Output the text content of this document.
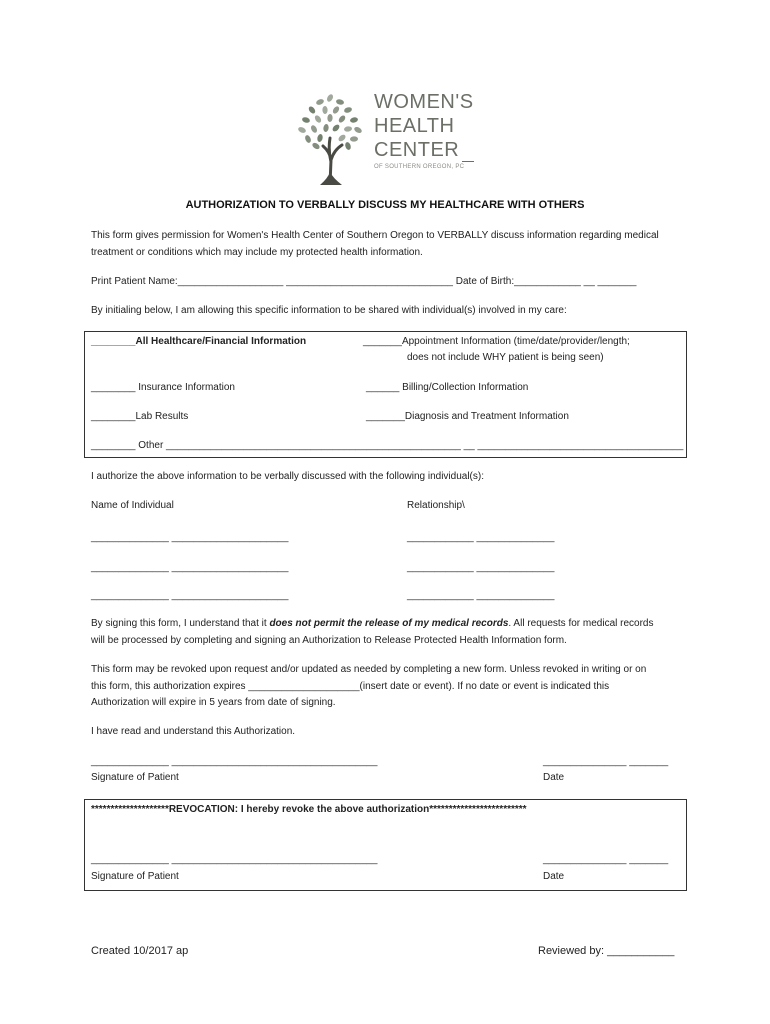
WOMEN'S
HEALTH
CENTER
OF SOUTHERN OREGON, PC
AUTHORIZATION TO VERBALLY DISCUSS MY HEALTHCARE WITH OTHERS
This form gives permission for Women's Health Center of Southern Oregon to VERBALLY discuss information regarding medical
treatment or conditions which may include my protected health information.
Print Patient Name:___________________ ______________________________ Date of Birth:____________ __ _______
By initialing below, I am allowing this specific information to be shared with individual(s) involved in my care:
________All Healthcare/Financial Information	_______Appointment Information (time/date/provider/length;
does not include WHY patient is being seen)
________ Insurance Information	______ Billing/Collection Information
________Lab Results	_______Diagnosis and Treatment Information
________ Other _____________________________________________________ __ _____________________________________
I authorize the above information to be verbally discussed with the following individual(s):
Name of Individual	Relationship\
______________ _____________________	____________ ______________
______________ _____________________	____________ ______________
______________ _____________________	____________ ______________
By signing this form, I understand that it does not permit the release of my medical records. All requests for medical records
will be processed by completing and signing an Authorization to Release Protected Health Information form.
This form may be revoked upon request and/or updated as needed by completing a new form. Unless revoked in writing or on
this form, this authorization expires ____________________(insert date or event). If no date or event is indicated this
Authorization will expire in 5 years from date of signing.
I have read and understand this Authorization.
______________ _____________________________________	_______________ _______
Signature of Patient	Date
********************REVOCATION: I hereby revoke the above authorization*************************
______________ _____________________________________	_______________ _______
Signature of Patient	Date
Created 10/2017 ap	Reviewed by: ___________
